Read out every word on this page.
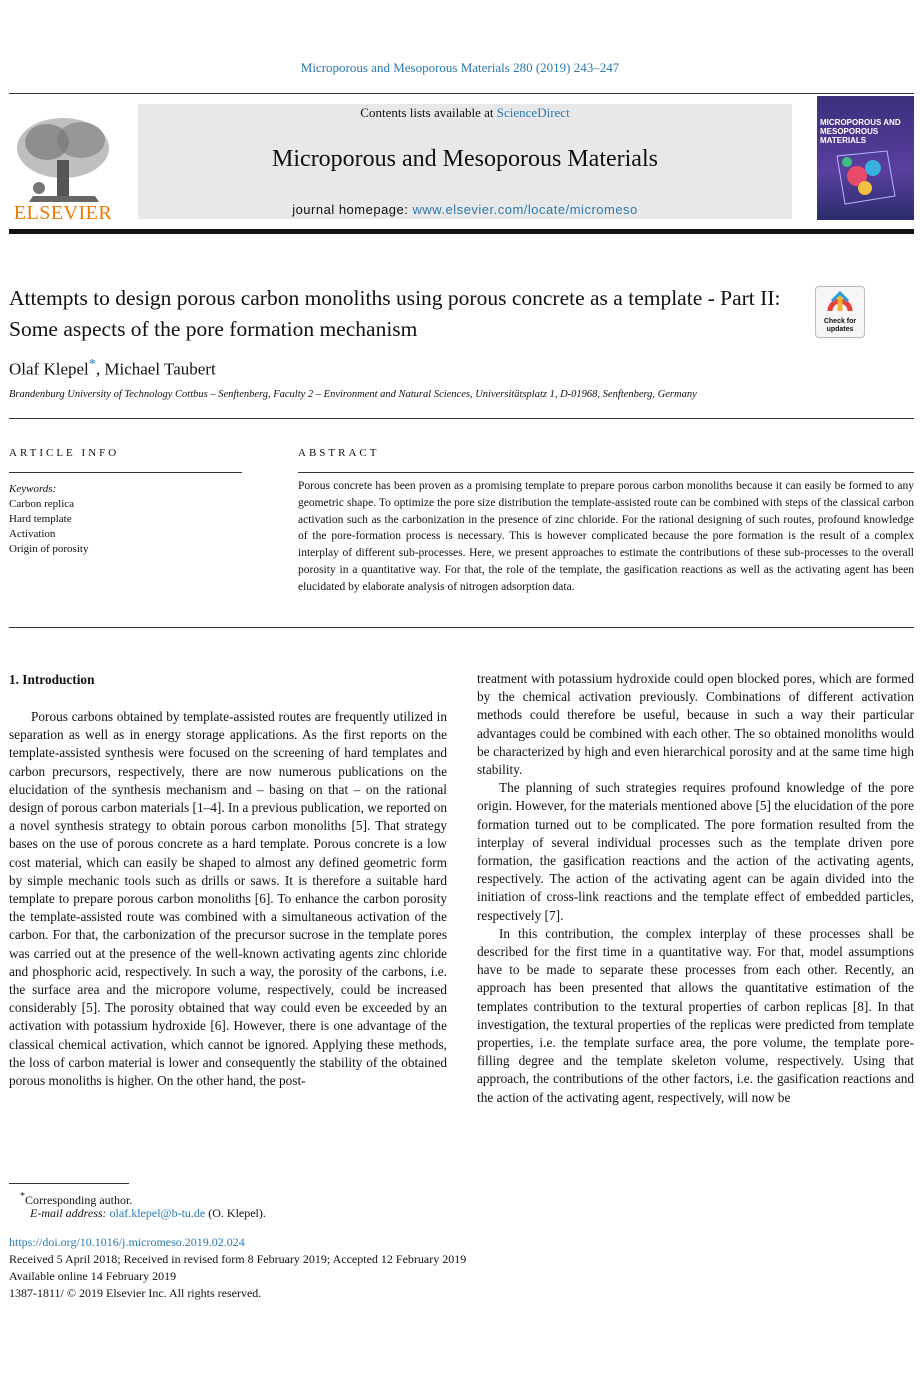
Microporous and Mesoporous Materials 280 (2019) 243–247
ELSEVIER
Contents lists available at ScienceDirect
Microporous and Mesoporous Materials
journal homepage: www.elsevier.com/locate/micromeso
MICROPOROUS AND MESOPOROUS MATERIALS
Attempts to design porous carbon monoliths using porous concrete as a template - Part II: Some aspects of the pore formation mechanism	Check for updates
Olaf Klepel*, Michael Taubert
Brandenburg University of Technology Cottbus – Senftenberg, Faculty 2 – Environment and Natural Sciences, Universitätsplatz 1, D-01968, Senftenberg, Germany
ARTICLE INFO
Keywords:
Carbon replica
Hard template
Activation
Origin of porosity
ABSTRACT
Porous concrete has been proven as a promising template to prepare porous carbon monoliths because it can easily be formed to any geometric shape. To optimize the pore size distribution the template-assisted route can be combined with steps of the classical carbon activation such as the carbonization in the presence of zinc chloride. For the rational designing of such routes, profound knowledge of the pore-formation process is necessary. This is however complicated because the pore formation is the result of a complex interplay of different sub-processes. Here, we present approaches to estimate the contributions of these sub-processes to the overall porosity in a quantitative way. For that, the role of the template, the gasification reactions as well as the activating agent has been elucidated by elaborate analysis of nitrogen adsorption data.
1. Introduction

Porous carbons obtained by template-assisted routes are frequently utilized in separation as well as in energy storage applications. As the first reports on the template-assisted synthesis were focused on the screening of hard templates and carbon precursors, respectively, there are now numerous publications on the elucidation of the synthesis mechanism and – basing on that – on the rational design of porous carbon materials [1–4]. In a previous publication, we reported on a novel synthesis strategy to obtain porous carbon monoliths [5]. That strategy bases on the use of porous concrete as a hard template. Porous concrete is a low cost material, which can easily be shaped to almost any defined geometric form by simple mechanic tools such as drills or saws. It is therefore a suitable hard template to prepare porous carbon monoliths [6]. To enhance the carbon porosity the template-assisted route was combined with a simultaneous activation of the carbon. For that, the carbonization of the precursor sucrose in the template pores was carried out at the presence of the well-known activating agents zinc chloride and phosphoric acid, respectively. In such a way, the porosity of the carbons, i.e. the surface area and the micropore volume, respectively, could be increased considerably [5]. The porosity obtained that way could even be exceeded by an activation with potassium hydroxide [6]. However, there is one advantage of the classical chemical activation, which cannot be ignored. Applying these methods, the loss of carbon material is lower and consequently the stability of the obtained porous monoliths is higher. On the other hand, the post-

treatment with potassium hydroxide could open blocked pores, which are formed by the chemical activation previously. Combinations of different activation methods could therefore be useful, because in such a way their particular advantages could be combined with each other. The so obtained monoliths would be characterized by high and even hierarchical porosity and at the same time high stability.

The planning of such strategies requires profound knowledge of the pore origin. However, for the materials mentioned above [5] the elucidation of the pore formation turned out to be complicated. The pore formation resulted from the interplay of several individual processes such as the template driven pore formation, the gasification reactions and the action of the activating agents, respectively. The action of the activating agent can be again divided into the initiation of cross-link reactions and the template effect of embedded particles, respectively [7].

In this contribution, the complex interplay of these processes shall be described for the first time in a quantitative way. For that, model assumptions have to be made to separate these processes from each other. Recently, an approach has been presented that allows the quantitative estimation of the templates contribution to the textural properties of carbon replicas [8]. In that investigation, the textural properties of the replicas were predicted from template properties, i.e. the template surface area, the pore volume, the template pore-filling degree and the template skeleton volume, respectively. Using that approach, the contributions of the other factors, i.e. the gasification reactions and the action of the activating agent, respectively, will now be

*Corresponding author.
E-mail address: olaf.klepel@b-tu.de (O. Klepel).
https://doi.org/10.1016/j.micromeso.2019.02.024
Received 5 April 2018; Received in revised form 8 February 2019; Accepted 12 February 2019
Available online 14 February 2019
1387-1811/ © 2019 Elsevier Inc. All rights reserved.
